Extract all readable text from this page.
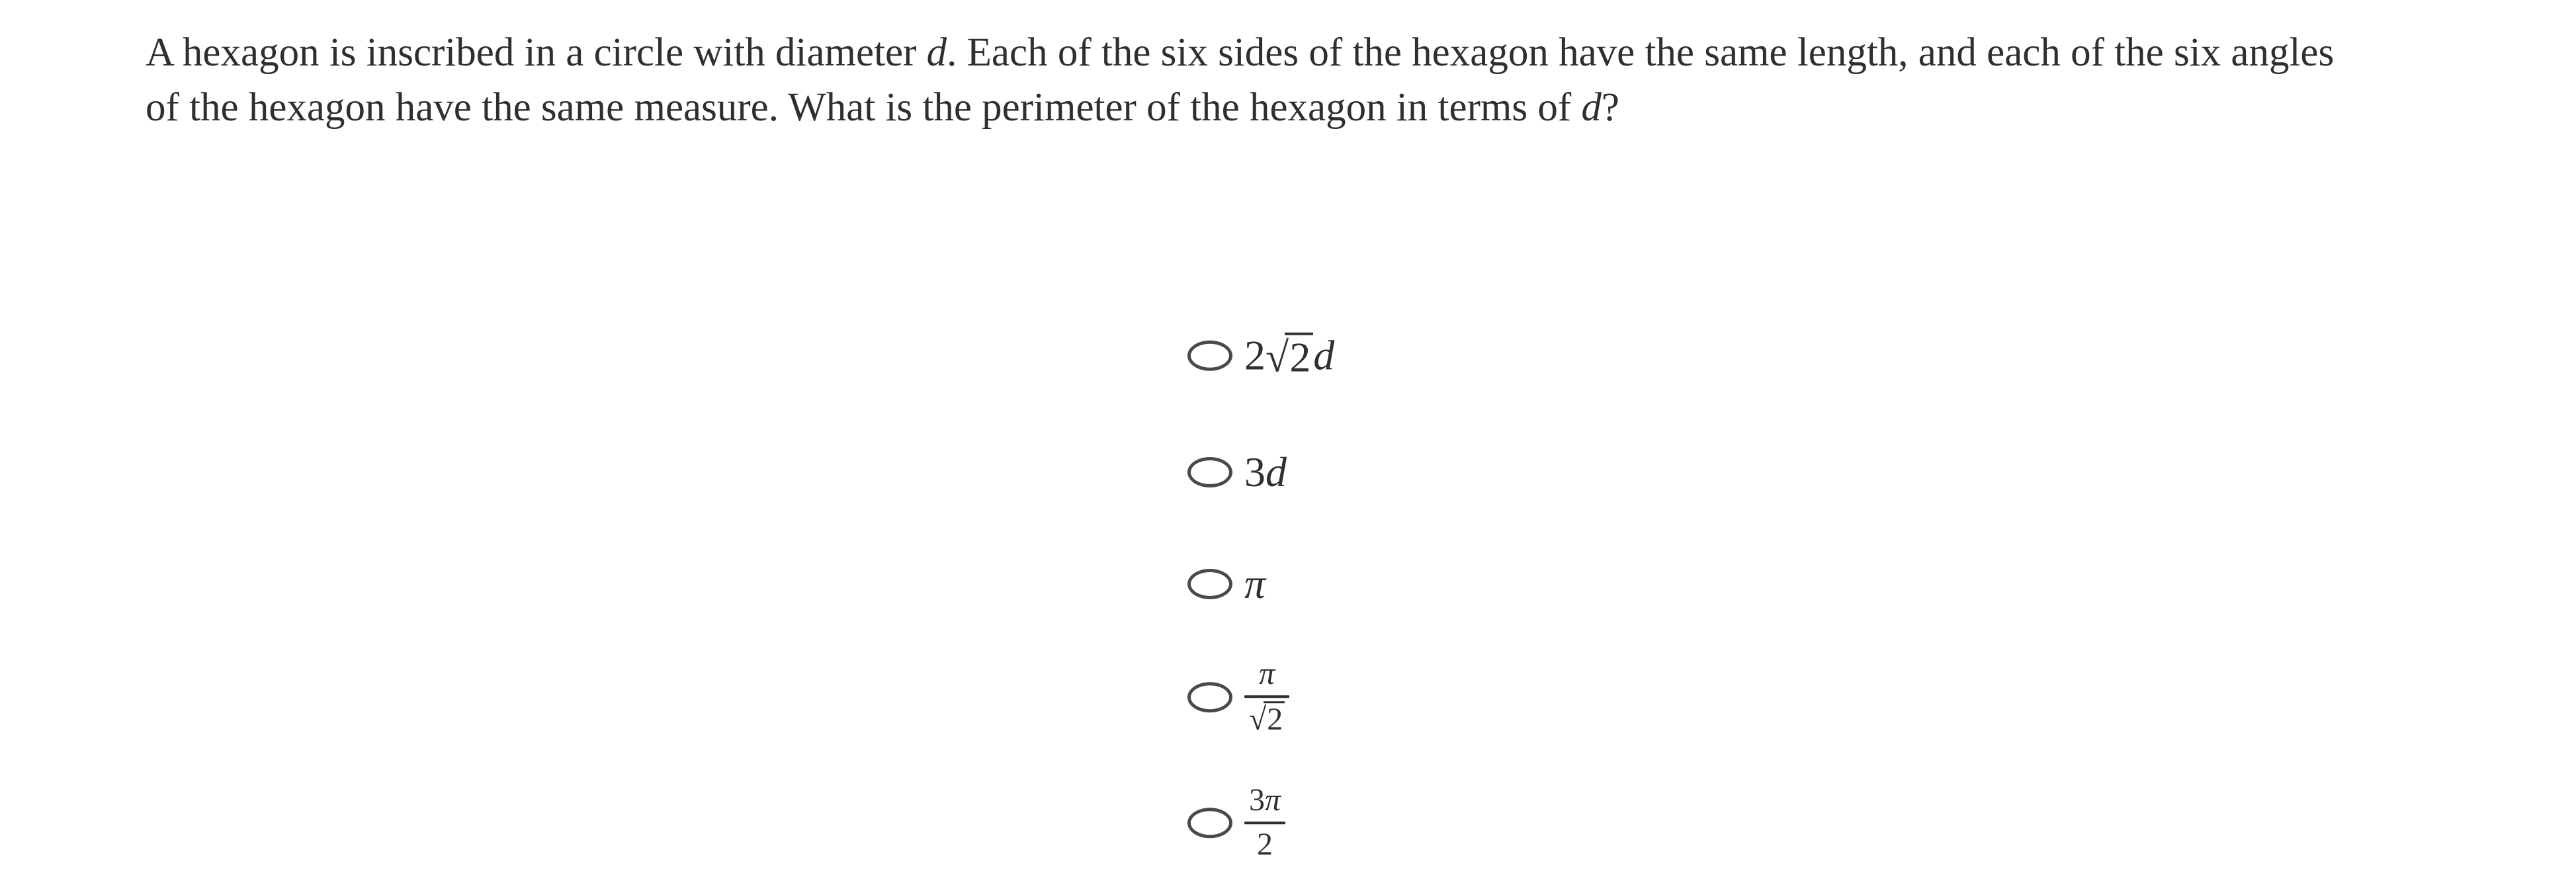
A hexagon is inscribed in a circle with diameter d. Each of the six sides of the hexagon have the same length, and each of the six angles
of the hexagon have the same measure. What is the perimeter of the hexagon in terms of d?
2 √2 d
3 d
π
$\frac{\pi}{√2}$
$\frac{3\pi}{2}$
